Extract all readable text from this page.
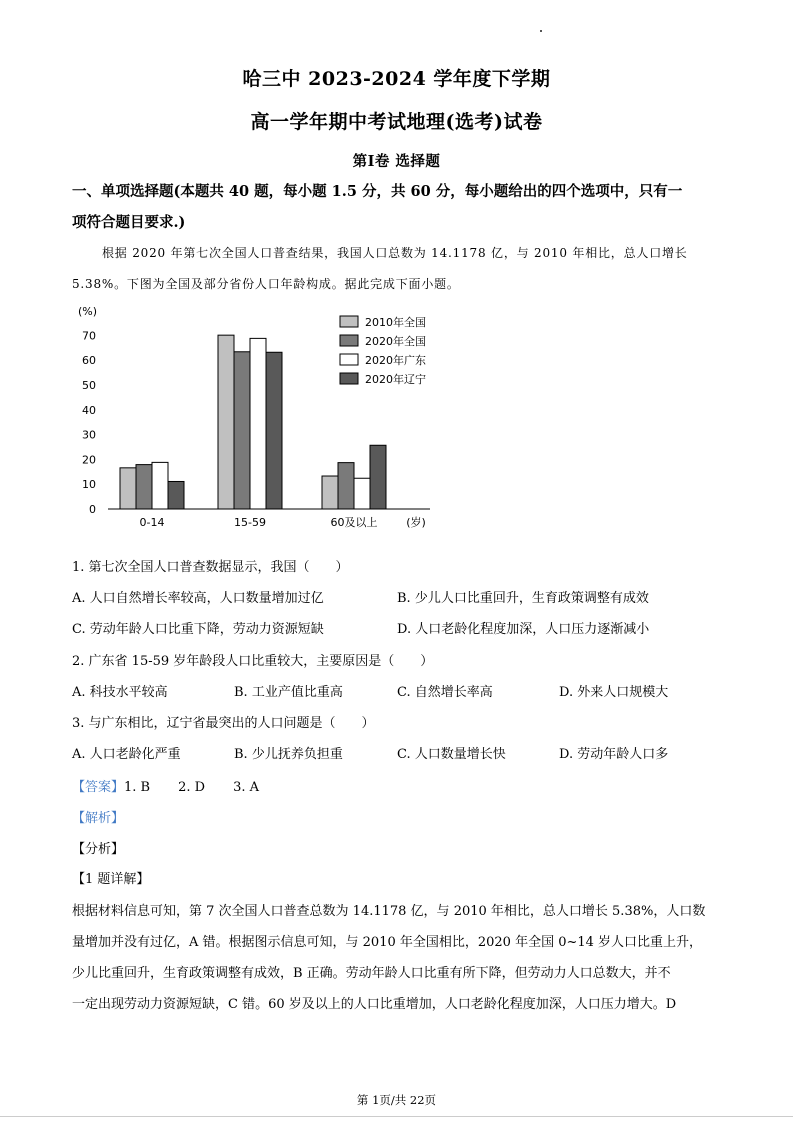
哈三中 2023-2024 学年度下学期
高一学年期中考试地理(选考)试卷
第Ⅰ卷 选择题
一、单项选择题(本题共 40 题，每小题 1.5 分，共 60 分，每小题给出的四个选项中，只有一
项符合题目要求.)
根据 2020 年第七次全国人口普查结果，我国人口总数为 14.1178 亿，与 2010 年相比，总人口增长
5.38%。下图为全国及部分省份人口年龄构成。据此完成下面小题。
(%)
0
10
20
30
40
50
60
70
0-14	15-59	60及以上	(岁)
2010年全国
2020年全国
2020年广东
2020年辽宁
1. 第七次全国人口普查数据显示，我国（　　）
A. 人口自然增长率较高，人口数量增加过亿	B. 少儿人口比重回升，生育政策调整有成效
C. 劳动年龄人口比重下降，劳动力资源短缺	D. 人口老龄化程度加深，人口压力逐渐减小
2. 广东省 15-59 岁年龄段人口比重较大，主要原因是（　　）
A. 科技水平较高	B. 工业产值比重高	C. 自然增长率高	D. 外来人口规模大
3. 与广东相比，辽宁省最突出的人口问题是（　　）
A. 人口老龄化严重	B. 少儿抚养负担重	C. 人口数量增长快	D. 劳动年龄人口多
【答案】1. B 2. D 3. A
【解析】
【分析】
【1 题详解】
根据材料信息可知，第 7 次全国人口普查总数为 14.1178 亿，与 2010 年相比，总人口增长 5.38%，人口数
量增加并没有过亿，A 错。根据图示信息可知，与 2010 年全国相比，2020 年全国 0~14 岁人口比重上升，
少儿比重回升，生育政策调整有成效，B 正确。劳动年龄人口比重有所下降，但劳动力人口总数大，并不
一定出现劳动力资源短缺，C 错。60 岁及以上的人口比重增加，人口老龄化程度加深，人口压力增大。D
第 1页/共 22页
